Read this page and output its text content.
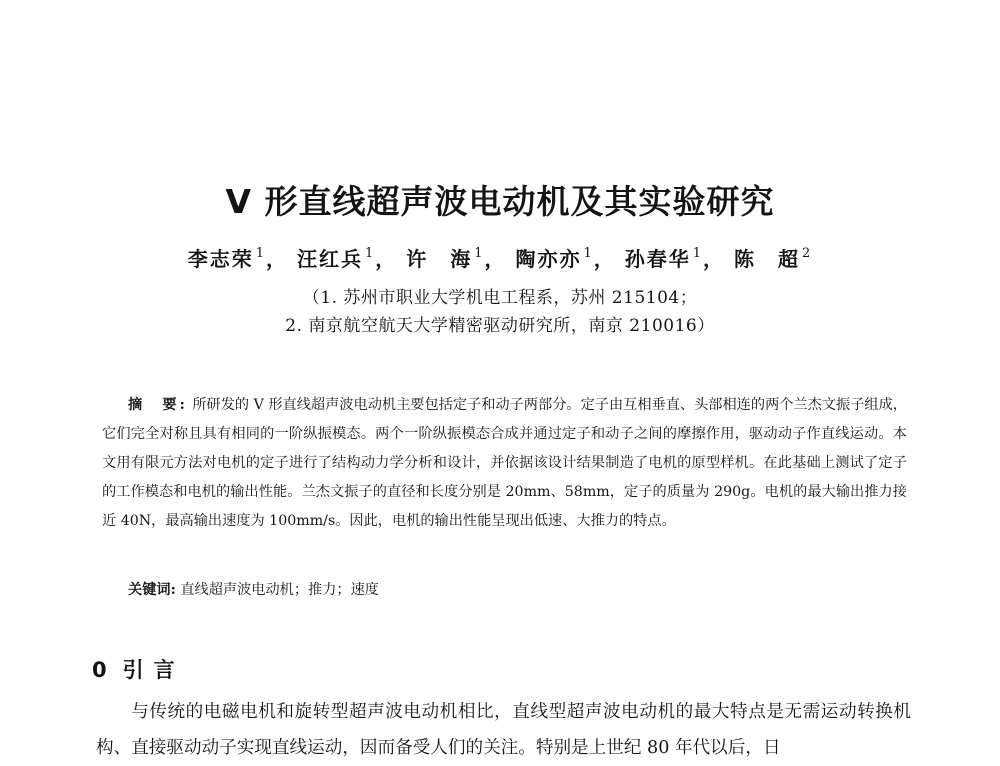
V 形直线超声波电动机及其实验研究
李志荣 $^1$， 汪红兵 $^1$， 许　海 $^1$， 陶亦亦 $^1$， 孙春华 $^1$， 陈　超 $^2$
（1. 苏州市职业大学机电工程系，苏州 215104；
2. 南京航空航天大学精密驱动研究所，南京 210016）

摘　要: 所研发的 V 形直线超声波电动机主要包括定子和动子两部分。定子由互相垂直、头部相连的两个兰杰文振子组成，它们完全对称且具有相同的一阶纵振模态。两个一阶纵振模态合成并通过定子和动子之间的摩擦作用，驱动动子作直线运动。本文用有限元方法对电机的定子进行了结构动力学分析和设计，并依据该设计结果制造了电机的原型样机。在此基础上测试了定子的工作模态和电机的输出性能。兰杰文振子的直径和长度分别是 20mm、58mm，定子的质量为 290g。电机的最大输出推力接近 40N，最高输出速度为 100mm/s。因此，电机的输出性能呈现出低速、大推力的特点。

关键词: 直线超声波电动机；推力；速度
0 引言

与传统的电磁电机和旋转型超声波电动机相比，直线型超声波电动机的最大特点是无需运动转换机构、直接驱动动子实现直线运动，因而备受人们的关注。特别是上世纪 80 年代以后，日
